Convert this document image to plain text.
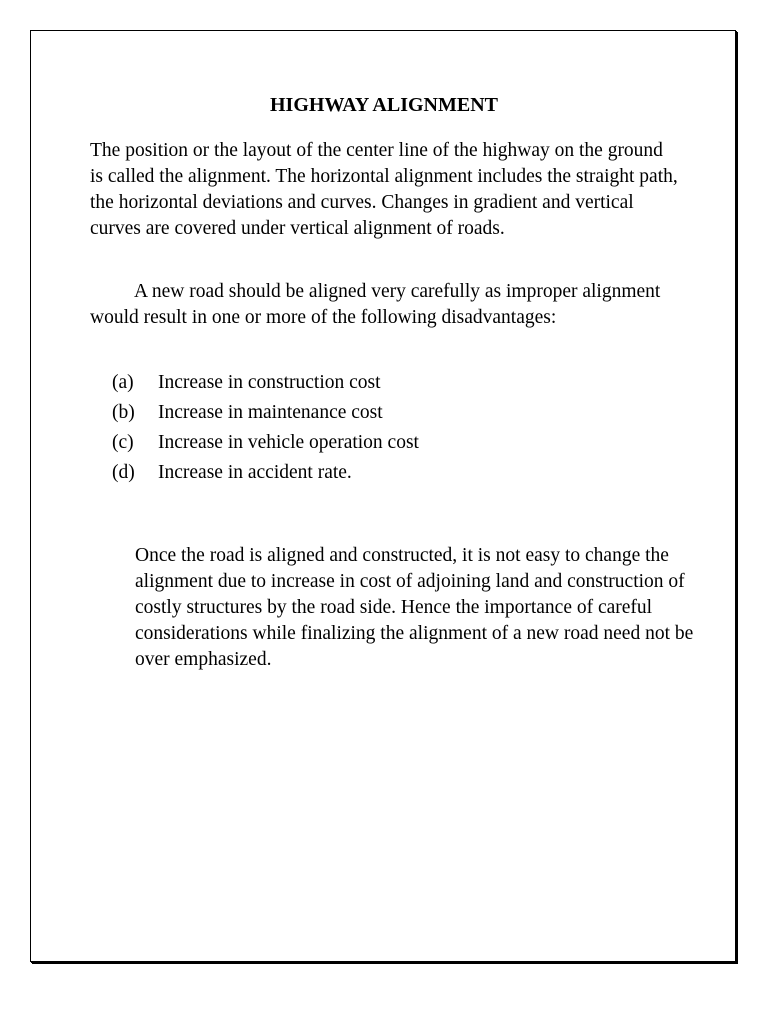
HIGHWAY ALIGNMENT

The position or the layout of the center line of the highway on the ground is called the alignment. The horizontal alignment includes the straight path, the horizontal deviations and curves. Changes in gradient and vertical curves are covered under vertical alignment of roads.

A new road should be aligned very carefully as improper alignment would result in one or more of the following disadvantages:

(a)	Increase in construction cost
(b)	Increase in maintenance cost
(c)	Increase in vehicle operation cost
(d)	Increase in accident rate.

Once the road is aligned and constructed, it is not easy to change the alignment due to increase in cost of adjoining land and construction of costly structures by the road side. Hence the importance of careful considerations while finalizing the alignment of a new road need not be over emphasized.
